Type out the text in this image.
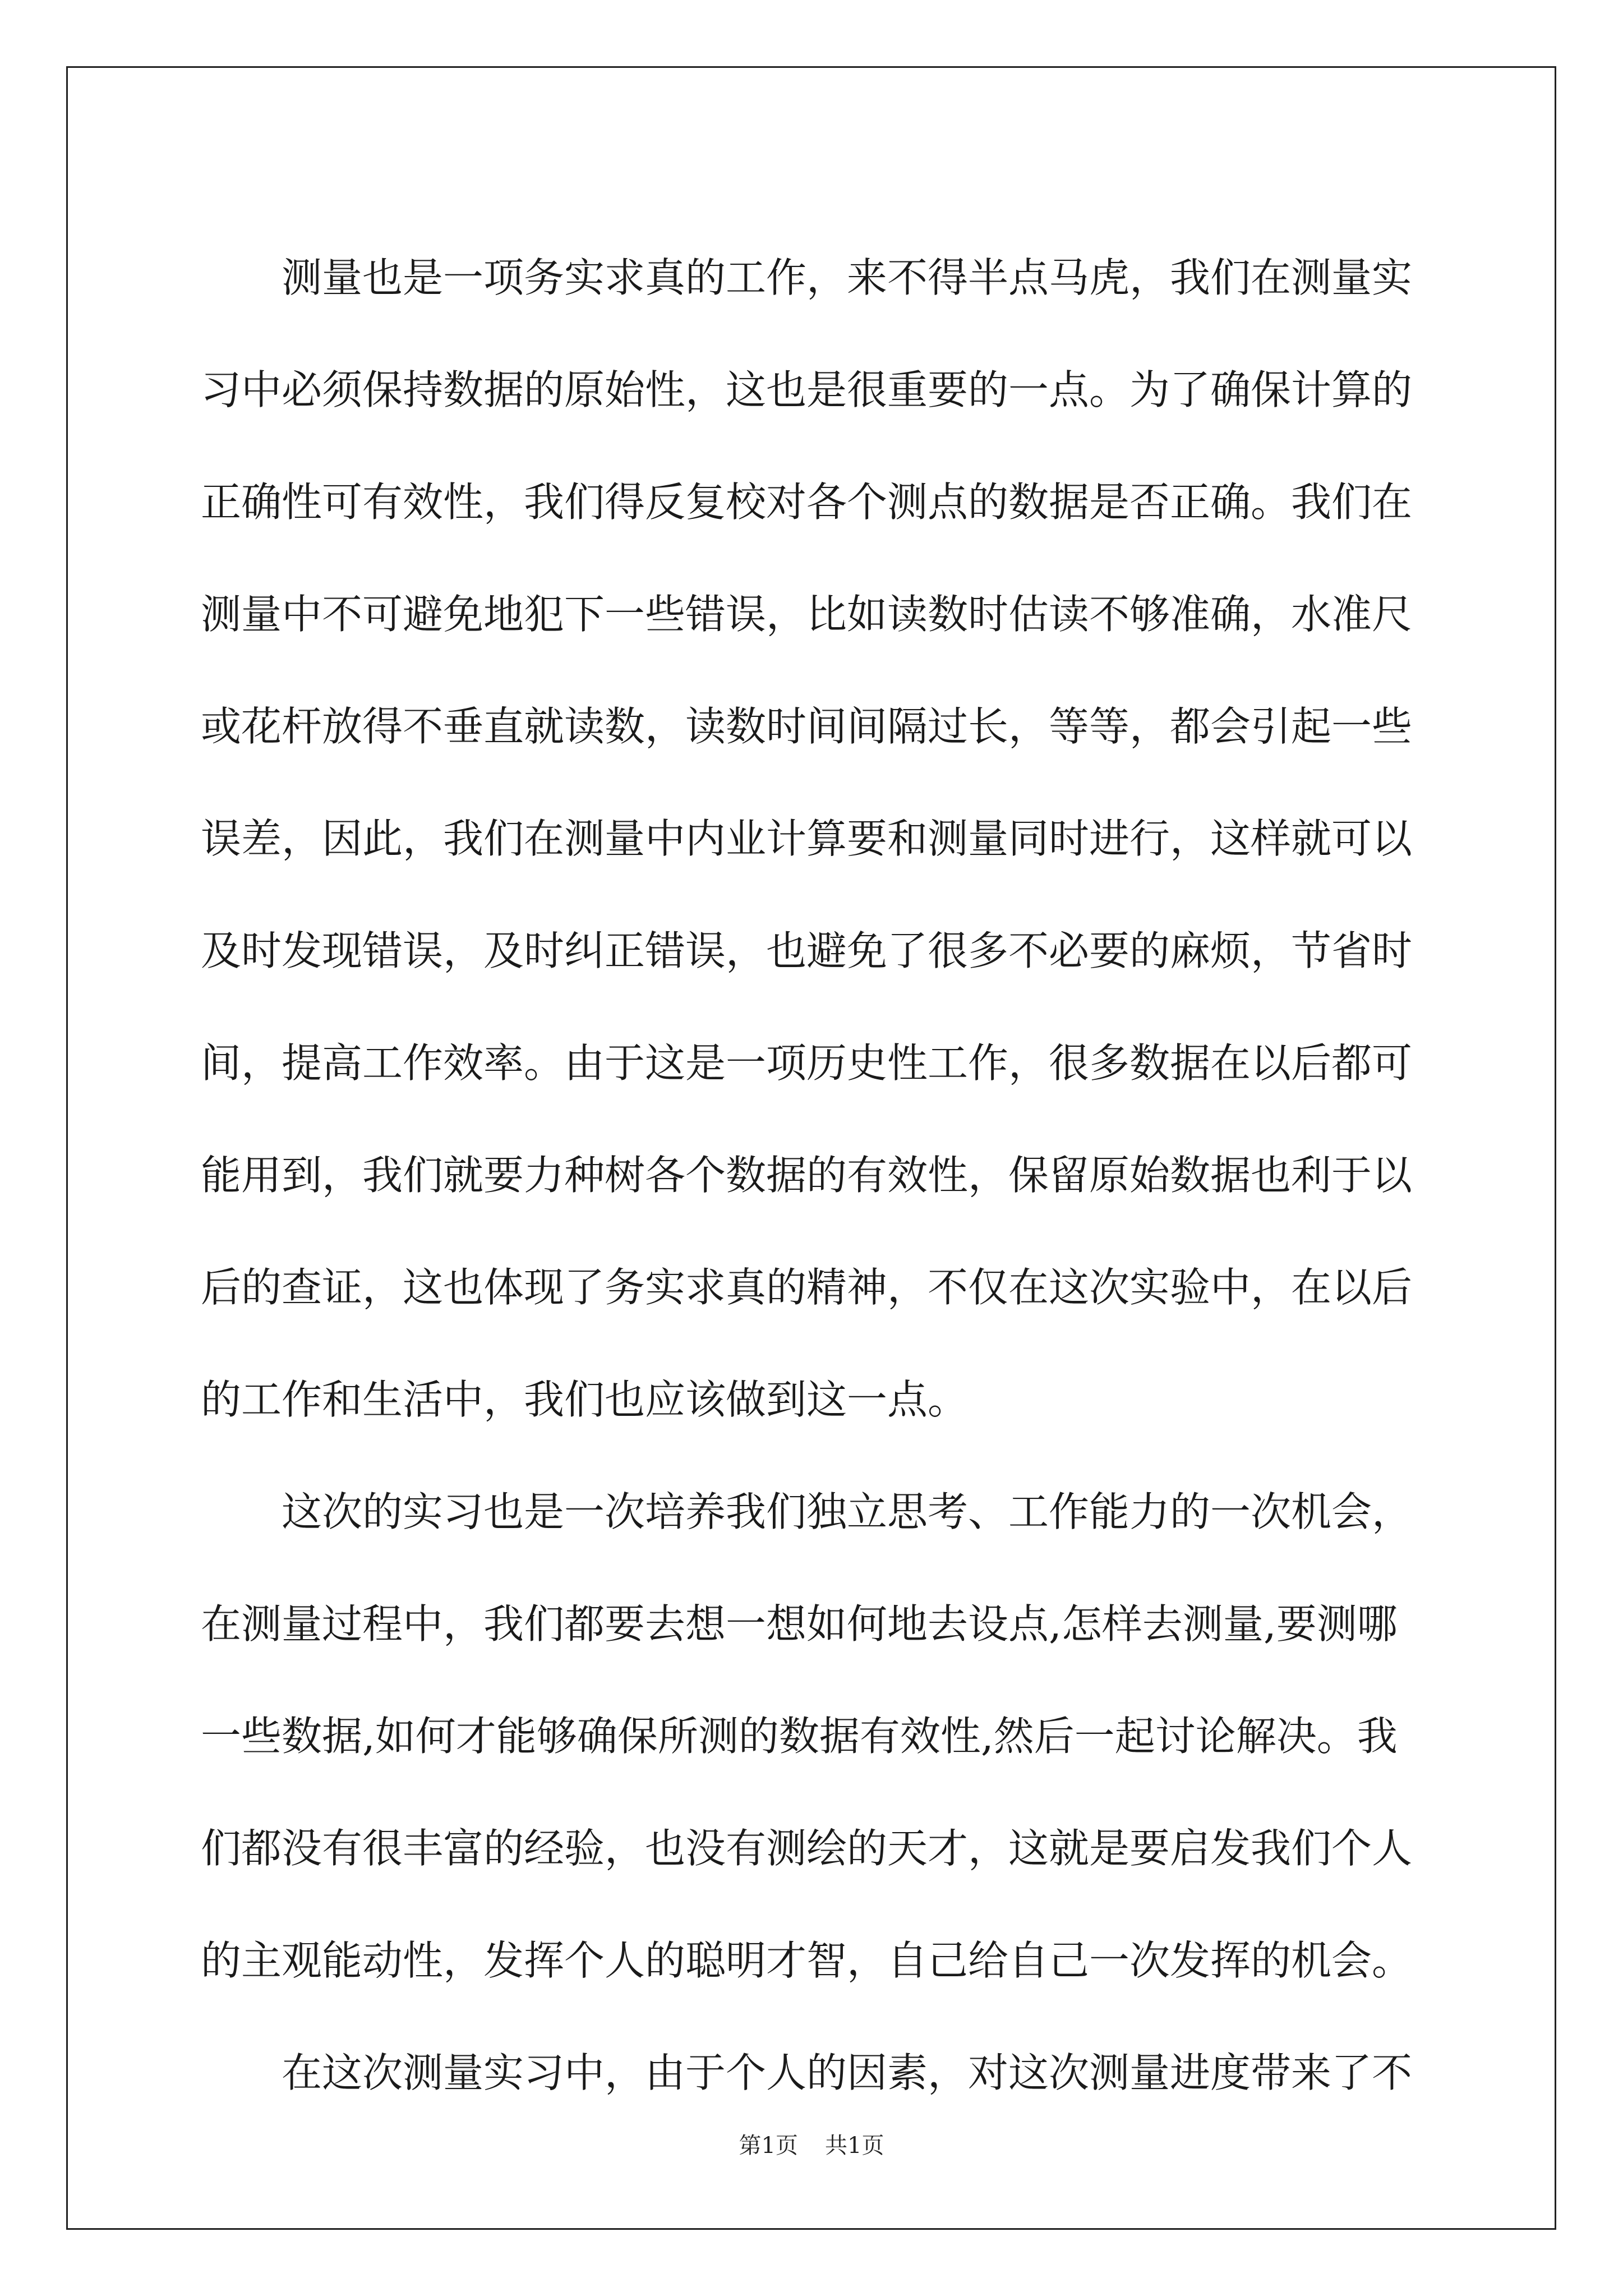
　　测量也是一项务实求真的工作，来不得半点马虎，我们在测量实
习中必须保持数据的原始性，这也是很重要的一点。为了确保计算的
正确性可有效性，我们得反复校对各个测点的数据是否正确。我们在
测量中不可避免地犯下一些错误，比如读数时估读不够准确，水准尺
或花杆放得不垂直就读数，读数时间间隔过长，等等，都会引起一些
误差，因此，我们在测量中内业计算要和测量同时进行，这样就可以
及时发现错误，及时纠正错误，也避免了很多不必要的麻烦，节省时
间，提高工作效率。由于这是一项历史性工作，很多数据在以后都可
能用到，我们就要力种树各个数据的有效性，保留原始数据也利于以
后的查证，这也体现了务实求真的精神，不仅在这次实验中，在以后
的工作和生活中，我们也应该做到这一点。
　　这次的实习也是一次培养我们独立思考、工作能力的一次机会，
在测量过程中，我们都要去想一想如何地去设点,怎样去测量,要测哪
一些数据,如何才能够确保所测的数据有效性,然后一起讨论解决。我
们都没有很丰富的经验，也没有测绘的天才，这就是要启发我们个人
的主观能动性，发挥个人的聪明才智，自己给自己一次发挥的机会。
　　在这次测量实习中，由于个人的因素，对这次测量进度带来了不
第1页 共1页
